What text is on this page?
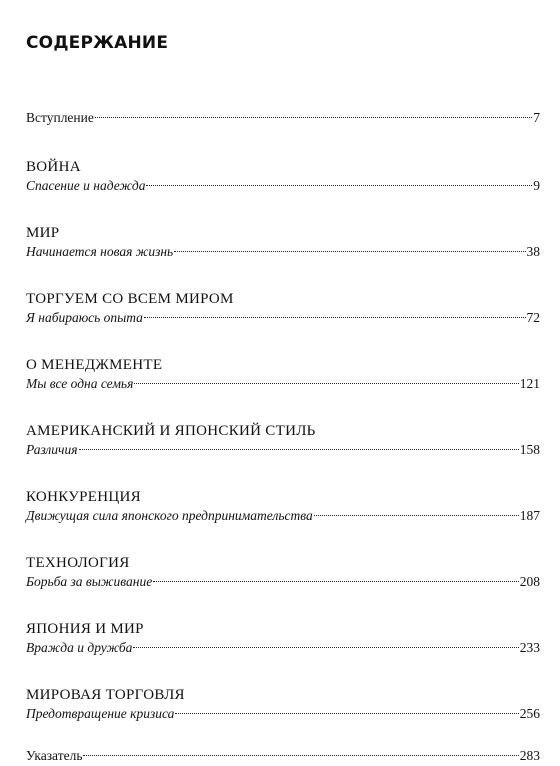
СОДЕРЖАНИЕ
Вступление	7
ВОЙНА
Спасение и надежда	9
МИР
Начинается новая жизнь	38
ТОРГУЕМ СО ВСЕМ МИРОМ
Я набираюсь опыта	72
О МЕНЕДЖМЕНТЕ
Мы все одна семья	121
АМЕРИКАНСКИЙ И ЯПОНСКИЙ СТИЛЬ
Различия	158
КОНКУРЕНЦИЯ
Движущая сила японского предпринимательства	187
ТЕХНОЛОГИЯ
Борьба за выживание	208
ЯПОНИЯ И МИР
Вражда и дружба	233
МИРОВАЯ ТОРГОВЛЯ
Предотвращение кризиса	256
Указатель	283
